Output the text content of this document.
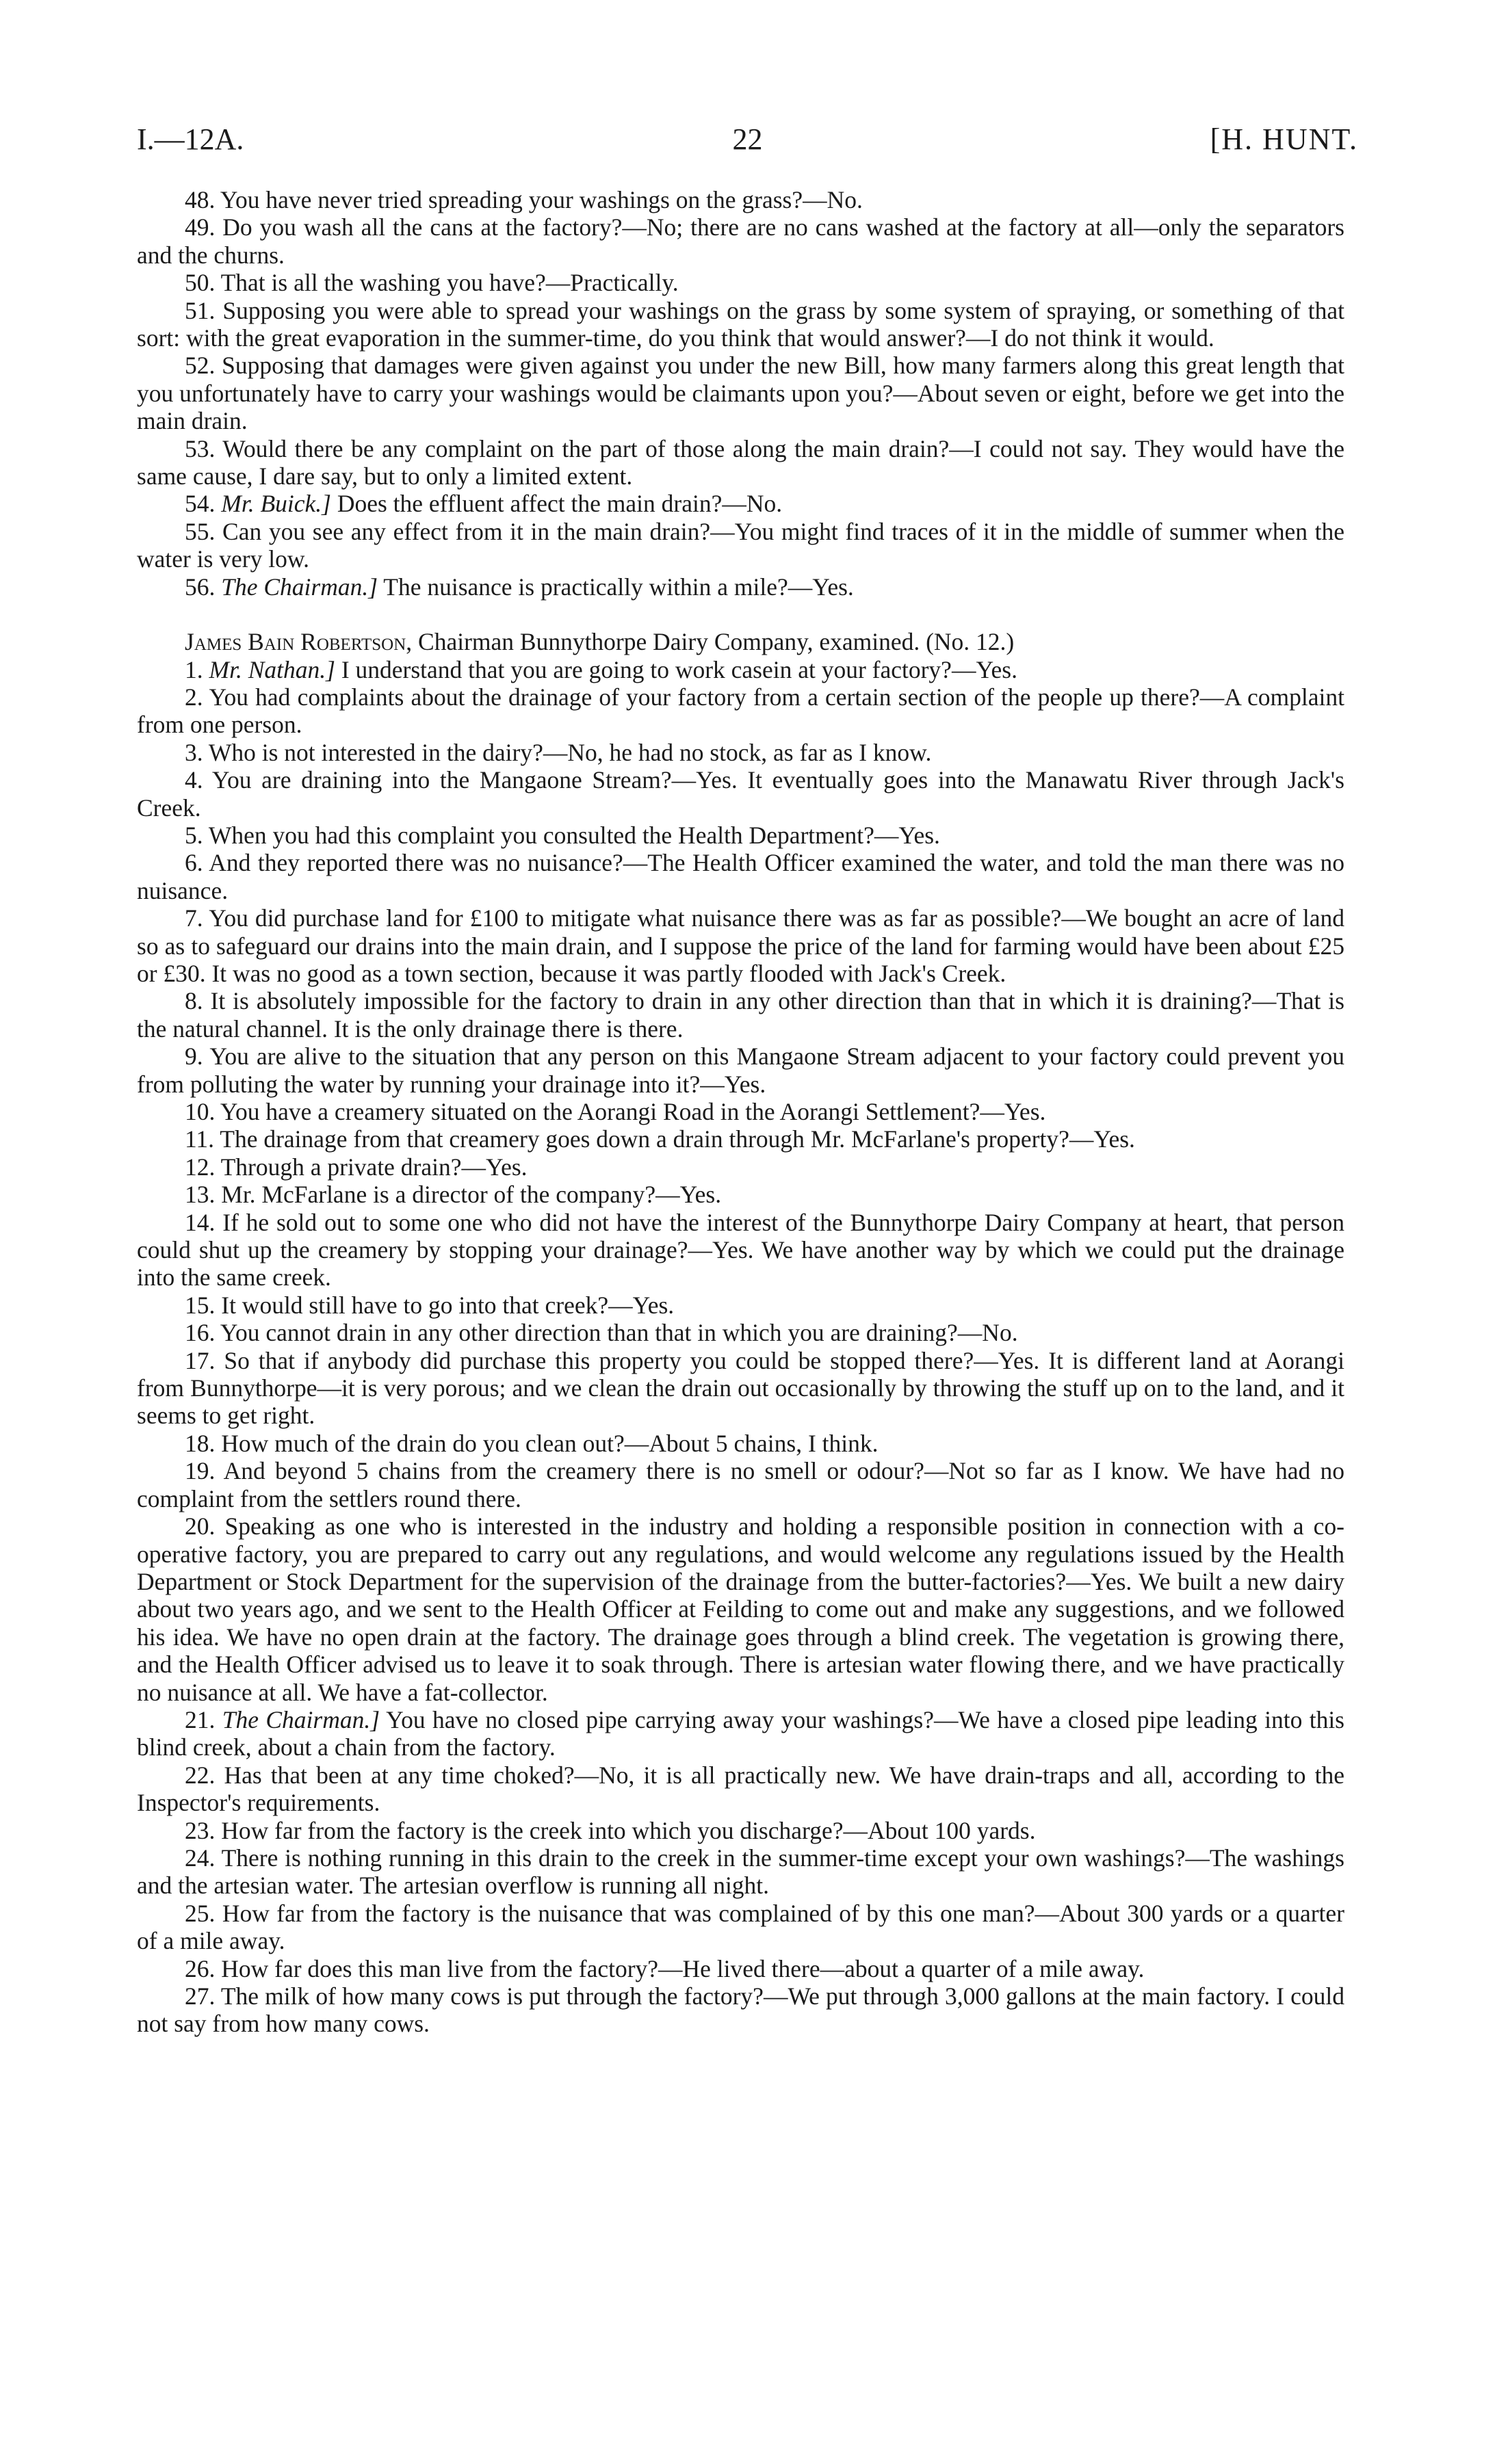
I.—12A.	22	[H. HUNT.

48. You have never tried spreading your washings on the grass?—No.

49. Do you wash all the cans at the factory?—No; there are no cans washed at the factory at all—only the separators and the churns.

50. That is all the washing you have?—Practically.

51. Supposing you were able to spread your washings on the grass by some system of spraying, or something of that sort: with the great evaporation in the summer-time, do you think that would answer?—I do not think it would.

52. Supposing that damages were given against you under the new Bill, how many farmers along this great length that you unfortunately have to carry your washings would be claimants upon you?—About seven or eight, before we get into the main drain.

53. Would there be any complaint on the part of those along the main drain?—I could not say. They would have the same cause, I dare say, but to only a limited extent.

54. Mr. Buick.] Does the effluent affect the main drain?—No.

55. Can you see any effect from it in the main drain?—You might find traces of it in the middle of summer when the water is very low.

56. The Chairman.] The nuisance is practically within a mile?—Yes.

James Bain Robertson, Chairman Bunnythorpe Dairy Company, examined. (No. 12.)

1. Mr. Nathan.] I understand that you are going to work casein at your factory?—Yes.

2. You had complaints about the drainage of your factory from a certain section of the people up there?—A complaint from one person.

3. Who is not interested in the dairy?—No, he had no stock, as far as I know.

4. You are draining into the Mangaone Stream?—Yes. It eventually goes into the Manawatu River through Jack's Creek.

5. When you had this complaint you consulted the Health Department?—Yes.

6. And they reported there was no nuisance?—The Health Officer examined the water, and told the man there was no nuisance.

7. You did purchase land for £100 to mitigate what nuisance there was as far as possible?—We bought an acre of land so as to safeguard our drains into the main drain, and I suppose the price of the land for farming would have been about £25 or £30. It was no good as a town section, because it was partly flooded with Jack's Creek.

8. It is absolutely impossible for the factory to drain in any other direction than that in which it is draining?—That is the natural channel. It is the only drainage there is there.

9. You are alive to the situation that any person on this Mangaone Stream adjacent to your factory could prevent you from polluting the water by running your drainage into it?—Yes.

10. You have a creamery situated on the Aorangi Road in the Aorangi Settlement?—Yes.

11. The drainage from that creamery goes down a drain through Mr. McFarlane's property?—Yes.

12. Through a private drain?—Yes.

13. Mr. McFarlane is a director of the company?—Yes.

14. If he sold out to some one who did not have the interest of the Bunnythorpe Dairy Company at heart, that person could shut up the creamery by stopping your drainage?—Yes. We have another way by which we could put the drainage into the same creek.

15. It would still have to go into that creek?—Yes.

16. You cannot drain in any other direction than that in which you are draining?—No.

17. So that if anybody did purchase this property you could be stopped there?—Yes. It is different land at Aorangi from Bunnythorpe—it is very porous; and we clean the drain out occasionally by throwing the stuff up on to the land, and it seems to get right.

18. How much of the drain do you clean out?—About 5 chains, I think.

19. And beyond 5 chains from the creamery there is no smell or odour?—Not so far as I know. We have had no complaint from the settlers round there.

20. Speaking as one who is interested in the industry and holding a responsible position in connection with a co-operative factory, you are prepared to carry out any regulations, and would welcome any regulations issued by the Health Department or Stock Department for the supervision of the drainage from the butter-factories?—Yes. We built a new dairy about two years ago, and we sent to the Health Officer at Feilding to come out and make any suggestions, and we followed his idea. We have no open drain at the factory. The drainage goes through a blind creek. The vegetation is growing there, and the Health Officer advised us to leave it to soak through. There is artesian water flowing there, and we have practically no nuisance at all. We have a fat-collector.

21. The Chairman.] You have no closed pipe carrying away your washings?—We have a closed pipe leading into this blind creek, about a chain from the factory.

22. Has that been at any time choked?—No, it is all practically new. We have drain-traps and all, according to the Inspector's requirements.

23. How far from the factory is the creek into which you discharge?—About 100 yards.

24. There is nothing running in this drain to the creek in the summer-time except your own washings?—The washings and the artesian water. The artesian overflow is running all night.

25. How far from the factory is the nuisance that was complained of by this one man?—About 300 yards or a quarter of a mile away.

26. How far does this man live from the factory?—He lived there—about a quarter of a mile away.

27. The milk of how many cows is put through the factory?—We put through 3,000 gallons at the main factory. I could not say from how many cows.
